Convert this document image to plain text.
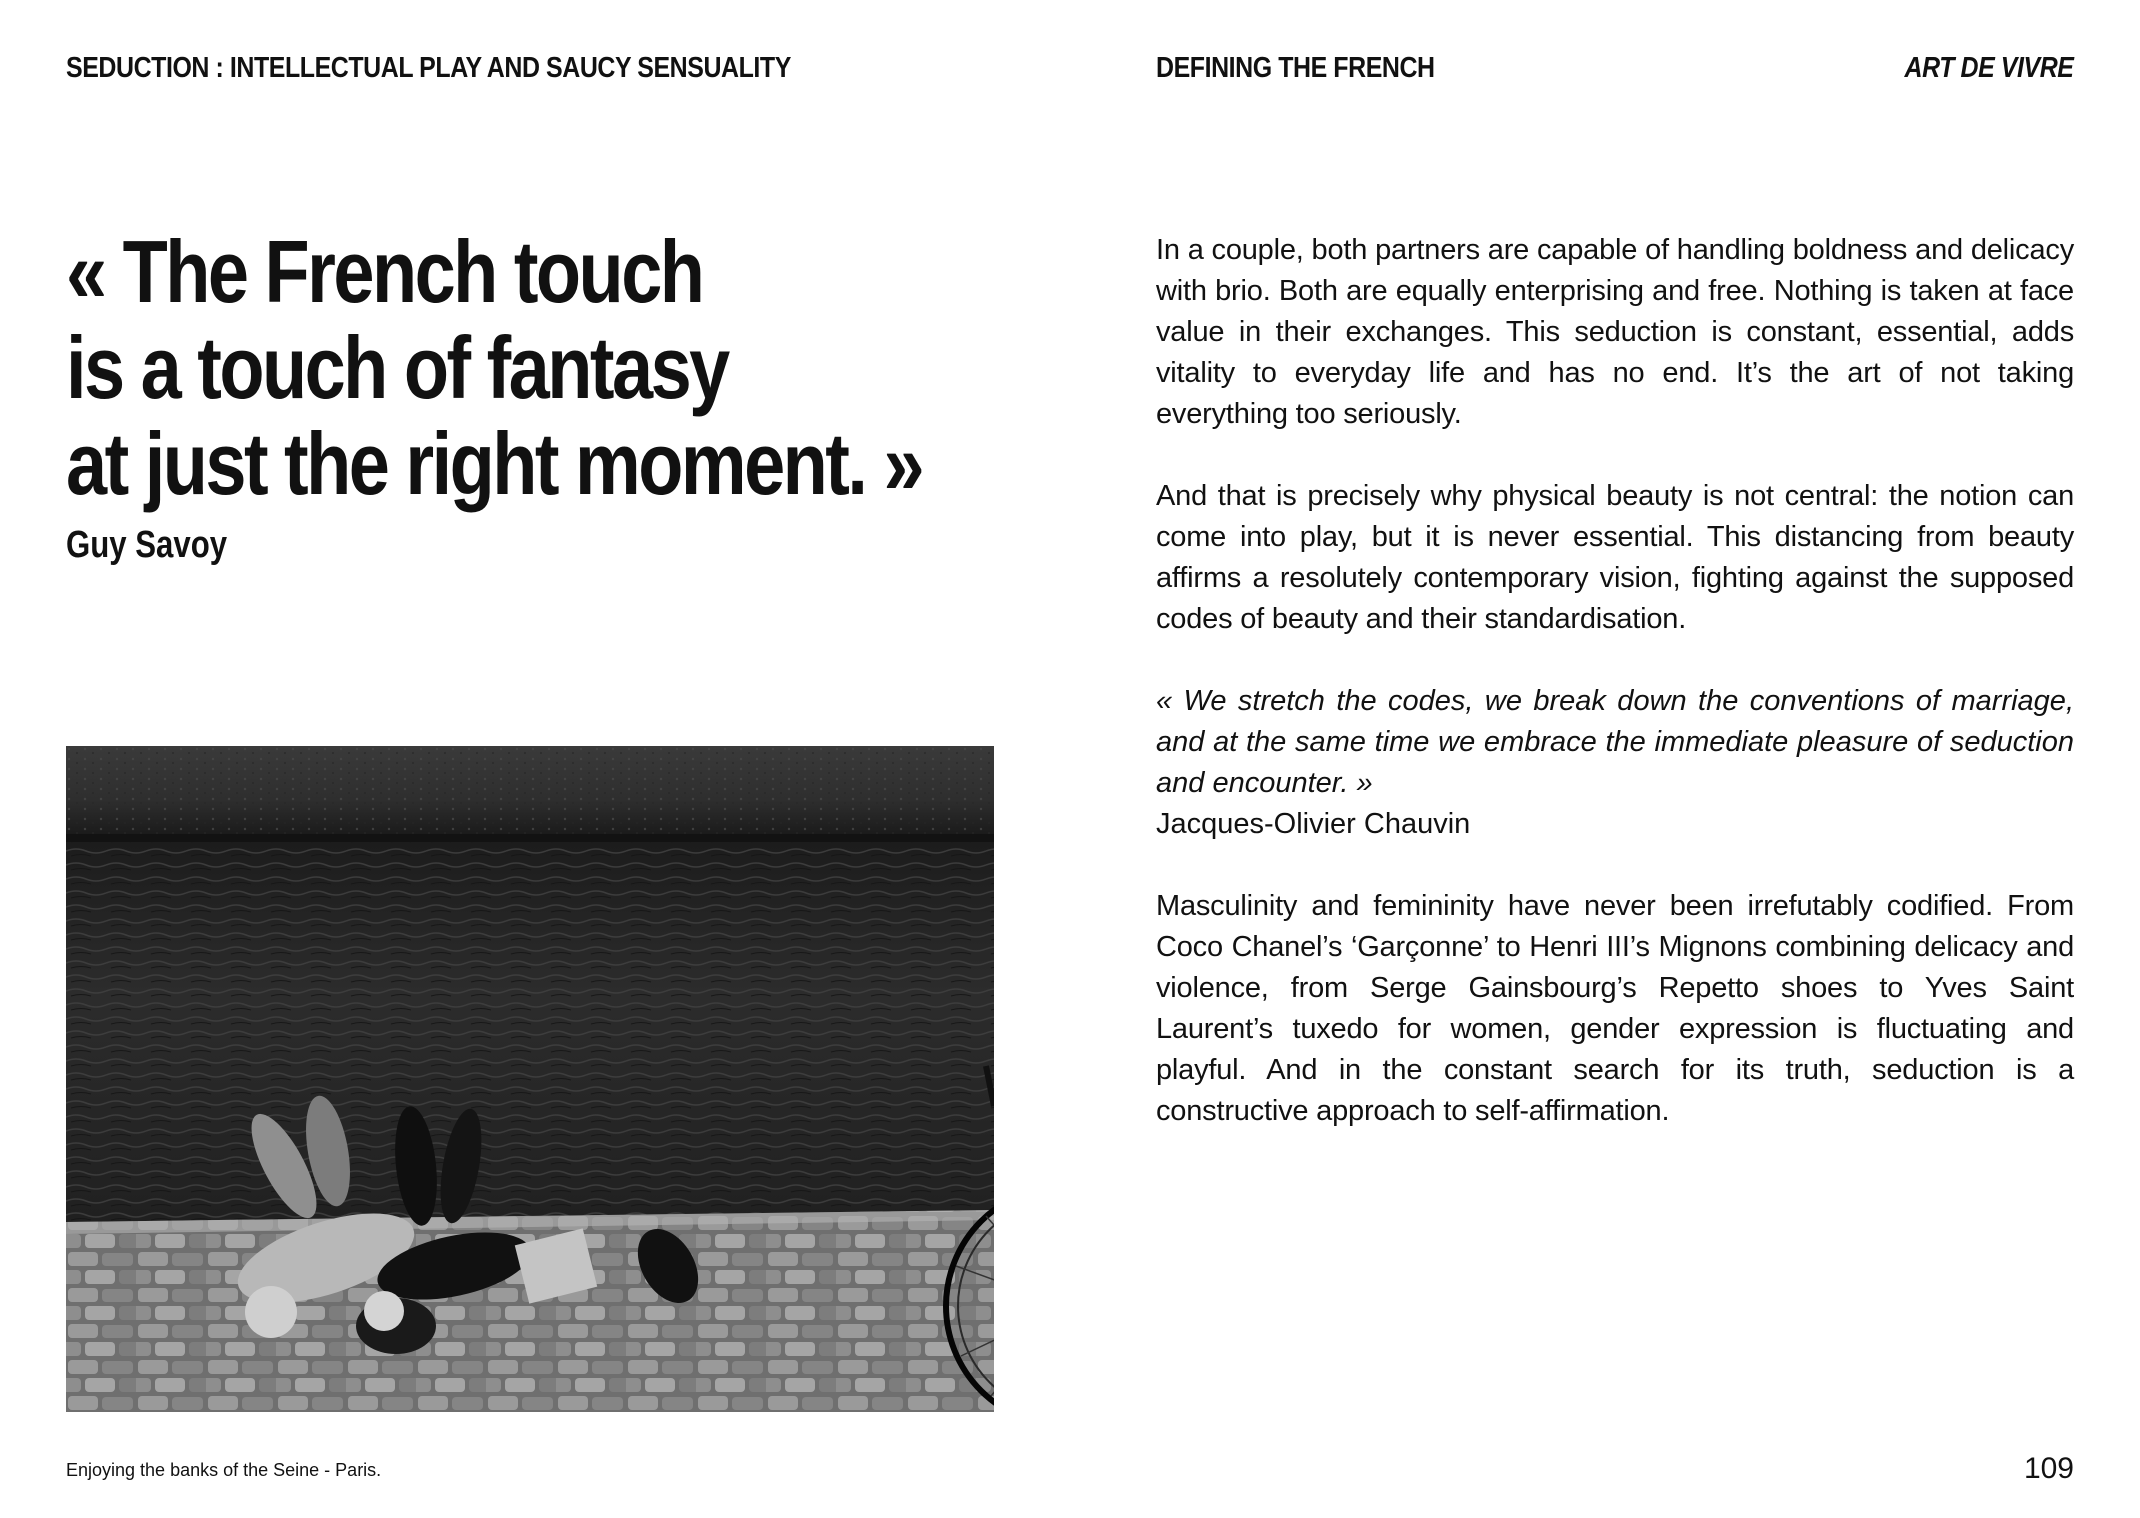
SEDUCTION : INTELLECTUAL PLAY AND SAUCY SENSUALITY	DEFINING THE FRENCH	ART DE VIVRE
« The French touch
is a touch of fantasy
at just the right moment. »
Guy Savoy
Enjoying the banks of the Seine - Paris.

In a couple, both partners are capable of handling boldness and delicacy with brio. Both are equally enterprising and free. Nothing is taken at face value in their exchanges. This seduction is constant, essential, adds vitality to everyday life and has no end. It’s the art of not taking everything too seriously.

And that is precisely why physical beauty is not central: the notion can come into play, but it is never essential. This distancing from beauty affirms a resolutely contemporary vision, fighting against the supposed codes of beauty and their standardisation.

« We stretch the codes, we break down the conventions of marriage, and at the same time we embrace the immediate pleasure of seduction and encounter. »
Jacques-Olivier Chauvin

Masculinity and femininity have never been irrefutably codified. From Coco Chanel’s ‘Garçonne’ to Henri III’s Mignons combining delicacy and violence, from Serge Gainsbourg’s Repetto shoes to Yves Saint Laurent’s tuxedo for women, gender expression is fluctuating and playful. And in the constant search for its truth, seduction is a constructive approach to self-affirmation.

109
